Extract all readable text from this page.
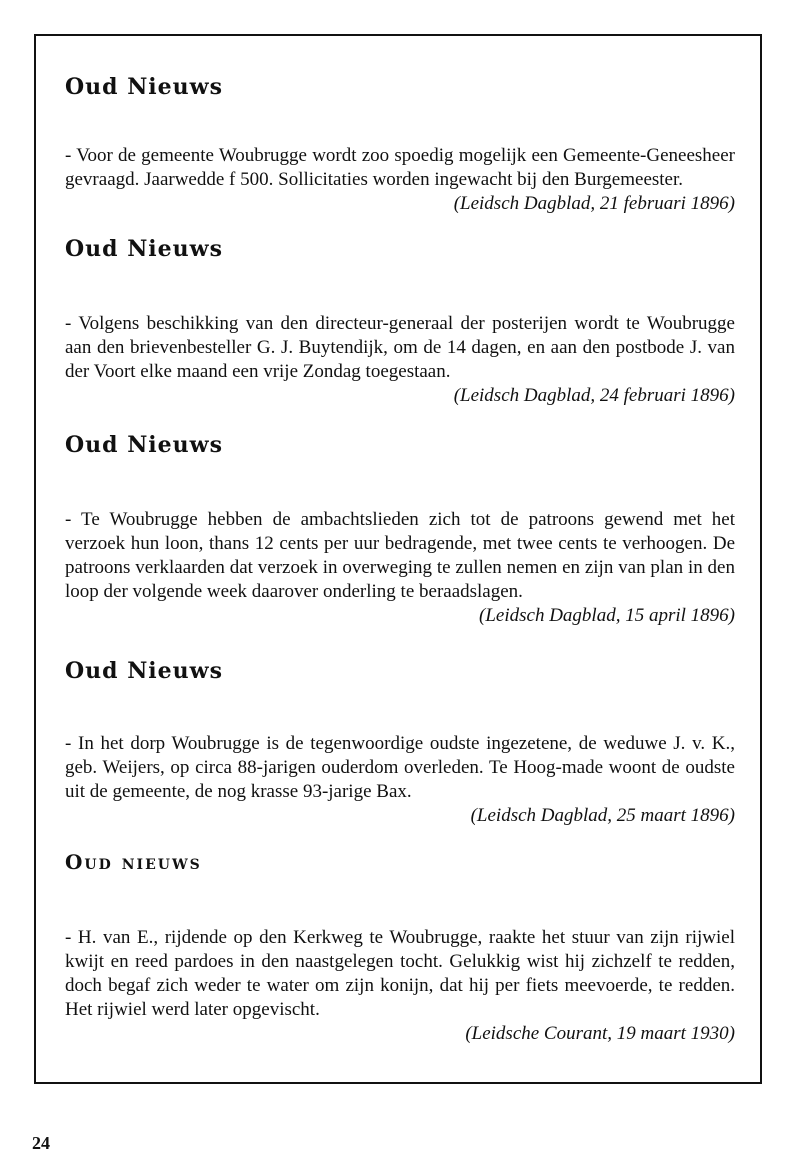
Oud Nieuws

- Voor de gemeente Woubrugge wordt zoo spoedig mogelijk een Gemeente-Geneesheer gevraagd. Jaarwedde f 500. Sollicitaties worden ingewacht bij den Burgemeester.
(Leidsch Dagblad, 21 februari 1896)

Oud Nieuws

- Volgens beschikking van den directeur-generaal der posterijen wordt te Woubrugge aan den brievenbesteller G. J. Buytendijk, om de 14 dagen, en aan den postbode J. van der Voort elke maand een vrije Zondag toegestaan.

(Leidsch Dagblad, 24 februari 1896)

Oud Nieuws

- Te Woubrugge hebben de ambachtslieden zich tot de patroons gewend met het verzoek hun loon, thans 12 cents per uur bedragende, met twee cents te verhoogen. De patroons verklaarden dat verzoek in overweging te zullen nemen en zijn van plan in den loop der volgende week daarover onderling te beraadslagen.
(Leidsch Dagblad, 15 april 1896)

Oud Nieuws

- In het dorp Woubrugge is de tegenwoordige oudste ingezetene, de weduwe J. v. K., geb. Weijers, op circa 88-jarigen ouderdom overleden. Te Hoog-made woont de oudste uit de gemeente, de nog krasse 93-jarige Bax.

(Leidsch Dagblad, 25 maart 1896)

Oud nieuws

- H. van E., rijdende op den Kerkweg te Woubrugge, raakte het stuur van zijn rijwiel kwijt en reed pardoes in den naastgelegen tocht. Gelukkig wist hij zichzelf te redden, doch begaf zich weder te water om zijn konijn, dat hij per fiets meevoerde, te redden. Het rijwiel werd later opgevischt.

(Leidsche Courant, 19 maart 1930)

24
